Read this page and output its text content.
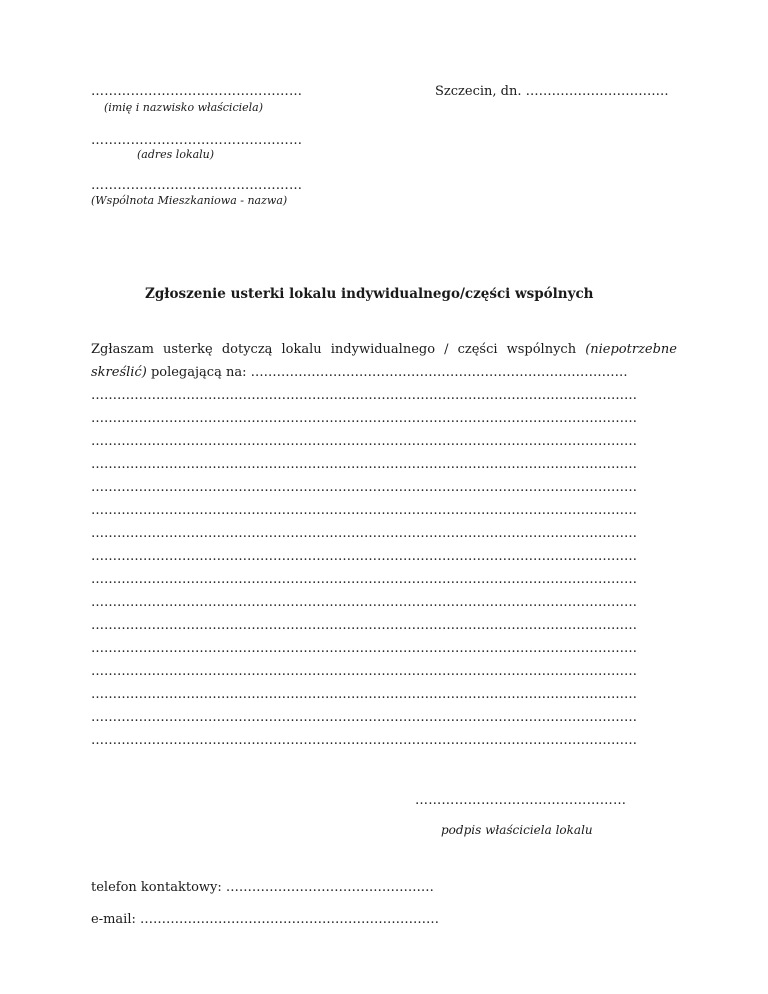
…………………………………………
(imię i nazwisko właściciela)
…………………………………………
(adres lokalu)
…………………………………………
(Wspólnota Mieszkaniowa - nazwa)
Szczecin, dn. ……………………………
Zgłoszenie usterki lokalu indywidualnego/części wspólnych
Zgłaszam usterkę dotyczą lokalu indywidualnego / części wspólnych (niepotrzebne
skreślić) polegającą na: ……………………………………………………………………………
………………………………………………………………………………………………………………
………………………………………………………………………………………………………………
………………………………………………………………………………………………………………
………………………………………………………………………………………………………………
………………………………………………………………………………………………………………
………………………………………………………………………………………………………………
………………………………………………………………………………………………………………
………………………………………………………………………………………………………………
………………………………………………………………………………………………………………
………………………………………………………………………………………………………………
………………………………………………………………………………………………………………
………………………………………………………………………………………………………………
………………………………………………………………………………………………………………
………………………………………………………………………………………………………………
………………………………………………………………………………………………………………
………………………………………………………………………………………………………………
…………………………………………
podpis właściciela lokalu
telefon kontaktowy: …………………………………………
e-mail: ……………………………………………………………
